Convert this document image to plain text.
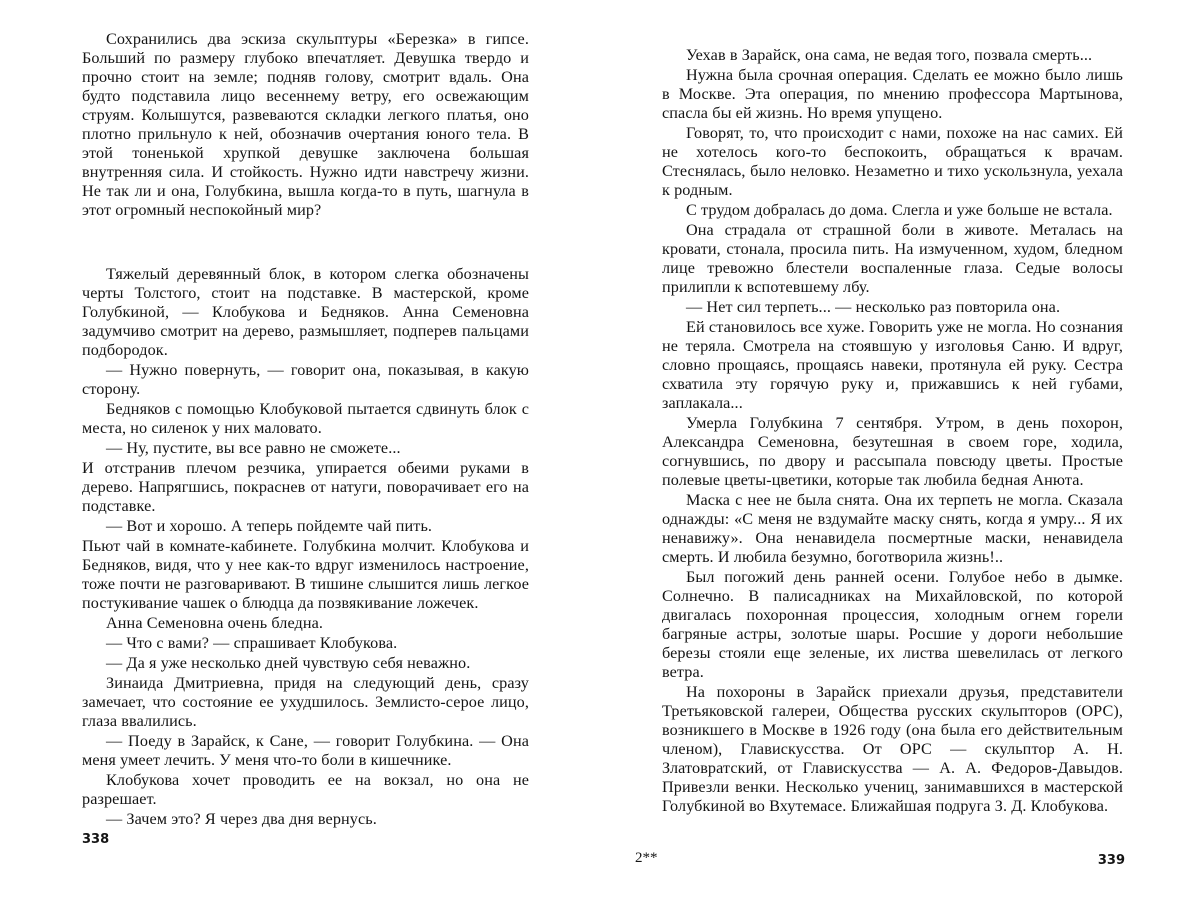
Сохранились два эскиза скульптуры «Березка» в гипсе. Больший по размеру глубоко впечатляет. Девушка твердо и прочно стоит на земле; подняв голову, смотрит вдаль. Она будто подставила лицо весеннему ветру, его освежающим струям. Колышутся, развеваются складки легкого платья, оно плотно прильнуло к ней, обозначив очертания юного тела. В этой тоненькой хрупкой девушке заключена большая внутренняя сила. И стойкость. Нужно идти навстречу жизни. Не так ли и она, Голубкина, вышла когда-то в путь, шагнула в этот огромный неспокойный мир?

Тяжелый деревянный блок, в котором слегка обозначены черты Толстого, стоит на подставке. В мастерской, кроме Голубкиной, — Клобукова и Бедняков. Анна Семеновна задумчиво смотрит на дерево, размышляет, подперев пальцами подбородок.

— Нужно повернуть, — говорит она, показывая, в какую сторону.

Бедняков с помощью Клобуковой пытается сдвинуть блок с места, но силенок у них маловато.

— Ну, пустите, вы все равно не сможете...

И отстранив плечом резчика, упирается обеими руками в дерево. Напрягшись, покраснев от натуги, поворачивает его на подставке.

— Вот и хорошо. А теперь пойдемте чай пить.

Пьют чай в комнате-кабинете. Голубкина молчит. Клобукова и Бедняков, видя, что у нее как-то вдруг изменилось настроение, тоже почти не разговаривают. В тишине слышится лишь легкое постукивание чашек о блюдца да позвякивание ложечек.

Анна Семеновна очень бледна.

— Что с вами? — спрашивает Клобукова.

— Да я уже несколько дней чувствую себя неважно.

Зинаида Дмитриевна, придя на следующий день, сразу замечает, что состояние ее ухудшилось. Землисто-серое лицо, глаза ввалились.

— Поеду в Зарайск, к Сане, — говорит Голубкина. — Она меня умеет лечить. У меня что-то боли в кишечнике.

Клобукова хочет проводить ее на вокзал, но она не разрешает.

— Зачем это? Я через два дня вернусь.

338

Уехав в Зарайск, она сама, не ведая того, позвала смерть...

Нужна была срочная операция. Сделать ее можно было лишь в Москве. Эта операция, по мнению профессора Мартынова, спасла бы ей жизнь. Но время упущено.

Говорят, то, что происходит с нами, похоже на нас самих. Ей не хотелось кого-то беспокоить, обращаться к врачам. Стеснялась, было неловко. Незаметно и тихо ускользнула, уехала к родным.

С трудом добралась до дома. Слегла и уже больше не встала.

Она страдала от страшной боли в животе. Металась на кровати, стонала, просила пить. На измученном, худом, бледном лице тревожно блестели воспаленные глаза. Седые волосы прилипли к вспотевшему лбу.

— Нет сил терпеть... — несколько раз повторила она.

Ей становилось все хуже. Говорить уже не могла. Но сознания не теряла. Смотрела на стоявшую у изголовья Саню. И вдруг, словно прощаясь, прощаясь навеки, протянула ей руку. Сестра схватила эту горячую руку и, прижавшись к ней губами, заплакала...

Умерла Голубкина 7 сентября. Утром, в день похорон, Александра Семеновна, безутешная в своем горе, ходила, согнувшись, по двору и рассыпала повсюду цветы. Простые полевые цветы-цветики, которые так любила бедная Анюта.

Маска с нее не была снята. Она их терпеть не могла. Сказала однажды: «С меня не вздумайте маску снять, когда я умру... Я их ненавижу». Она ненавидела посмертные маски, ненавидела смерть. И любила безумно, боготворила жизнь!..

Был погожий день ранней осени. Голубое небо в дымке. Солнечно. В палисадниках на Михайловской, по которой двигалась похоронная процессия, холодным огнем горели багряные астры, золотые шары. Росшие у дороги небольшие березы стояли еще зеленые, их листва шевелилась от легкого ветра.

На похороны в Зарайск приехали друзья, представители Третьяковской галереи, Общества русских скульпторов (ОРС), возникшего в Москве в 1926 году (она была его действительным членом), Главискусства. От ОРС — скульптор А. Н. Златовратский, от Главискусства — А. А. Федоров-Давыдов. Привезли венки. Несколько учениц, занимавшихся в мастерской Голубкиной во Вхутемасе. Ближайшая подруга З. Д. Клобукова.

2**	339
